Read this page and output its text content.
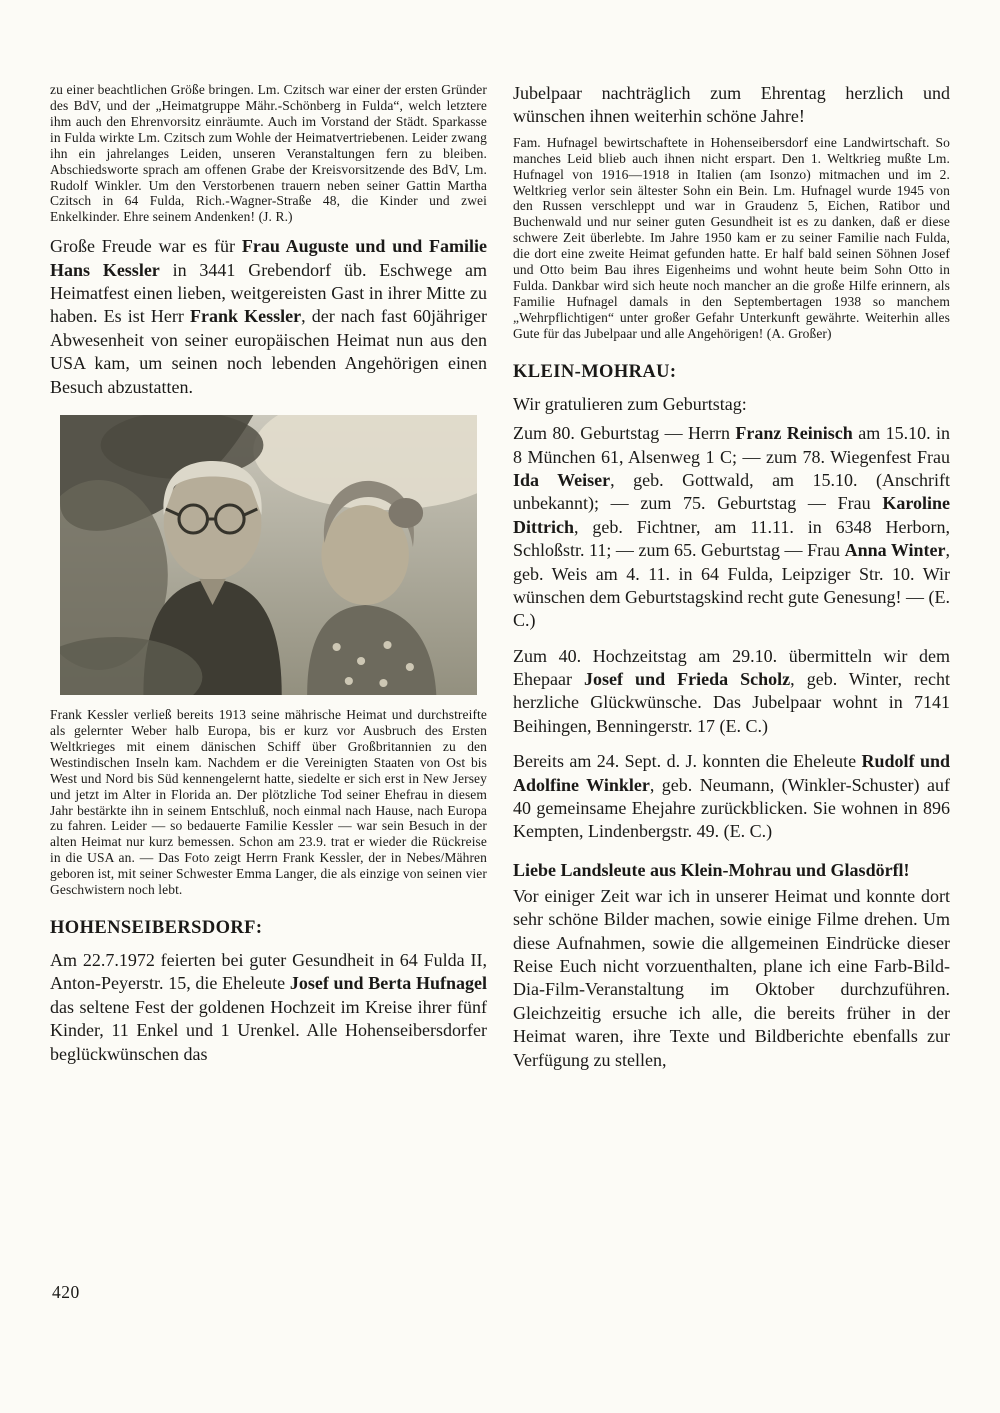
zu einer beachtlichen Größe bringen. Lm. Czitsch war einer der ersten Gründer des BdV, und der „Heimatgruppe Mähr.-Schönberg in Fulda“, welch letztere ihm auch den Ehrenvorsitz einräumte. Auch im Vorstand der Städt. Sparkasse in Fulda wirkte Lm. Czitsch zum Wohle der Heimatvertriebenen. Leider zwang ihn ein jahrelanges Leiden, unseren Veranstaltungen fern zu bleiben. Abschiedsworte sprach am offenen Grabe der Kreisvorsitzende des BdV, Lm. Rudolf Winkler. Um den Verstorbenen trauern neben seiner Gattin Martha Czitsch in 64 Fulda, Rich.-Wagner-Straße 48, die Kinder und zwei Enkelkinder. Ehre seinem Andenken! (J. R.)

Große Freude war es für Frau Auguste und und Familie Hans Kessler in 3441 Grebendorf üb. Eschwege am Heimatfest einen lieben, weitgereisten Gast in ihrer Mitte zu haben. Es ist Herr Frank Kessler, der nach fast 60jähriger Abwesenheit von seiner europäischen Heimat nun aus den USA kam, um seinen noch lebenden Angehörigen einen Besuch abzustatten.

Frank Kessler verließ bereits 1913 seine mährische Heimat und durchstreifte als gelernter Weber halb Europa, bis er kurz vor Ausbruch des Ersten Weltkrieges mit einem dänischen Schiff über Großbritannien zu den Westindischen Inseln kam. Nachdem er die Vereinigten Staaten von Ost bis West und Nord bis Süd kennengelernt hatte, siedelte er sich erst in New Jersey und jetzt im Alter in Florida an. Der plötzliche Tod seiner Ehefrau in diesem Jahr bestärkte ihn in seinem Entschluß, noch einmal nach Hause, nach Europa zu fahren. Leider — so bedauerte Familie Kessler — war sein Besuch in der alten Heimat nur kurz bemessen. Schon am 23.9. trat er wieder die Rückreise in die USA an. — Das Foto zeigt Herrn Frank Kessler, der in Nebes/Mähren geboren ist, mit seiner Schwester Emma Langer, die als einzige von seinen vier Geschwistern noch lebt.

HOHENSEIBERSDORF:

Am 22.7.1972 feierten bei guter Gesundheit in 64 Fulda II, Anton-Peyerstr. 15, die Eheleute Josef und Berta Hufnagel das seltene Fest der goldenen Hochzeit im Kreise ihrer fünf Kinder, 11 Enkel und 1 Urenkel. Alle Hohenseibersdorfer beglückwünschen das

Jubelpaar nachträglich zum Ehrentag herzlich und wünschen ihnen weiterhin schöne Jahre!

Fam. Hufnagel bewirtschaftete in Hohenseibersdorf eine Landwirtschaft. So manches Leid blieb auch ihnen nicht erspart. Den 1. Weltkrieg mußte Lm. Hufnagel von 1916—1918 in Italien (am Isonzo) mitmachen und im 2. Weltkrieg verlor sein ältester Sohn ein Bein. Lm. Hufnagel wurde 1945 von den Russen verschleppt und war in Graudenz 5, Eichen, Ratibor und Buchenwald und nur seiner guten Gesundheit ist es zu danken, daß er diese schwere Zeit überlebte. Im Jahre 1950 kam er zu seiner Familie nach Fulda, die dort eine zweite Heimat gefunden hatte. Er half bald seinen Söhnen Josef und Otto beim Bau ihres Eigenheims und wohnt heute beim Sohn Otto in Fulda. Dankbar wird sich heute noch mancher an die große Hilfe erinnern, als Familie Hufnagel damals in den Septembertagen 1938 so manchem „Wehrpflichtigen“ unter großer Gefahr Unterkunft gewährte. Weiterhin alles Gute für das Jubelpaar und alle Angehörigen! (A. Großer)

KLEIN-MOHRAU:

Wir gratulieren zum Geburtstag:

Zum 80. Geburtstag — Herrn Franz Reinisch am 15.10. in 8 München 61, Alsenweg 1 C; — zum 78. Wiegenfest Frau Ida Weiser, geb. Gottwald, am 15.10. (Anschrift unbekannt); — zum 75. Geburtstag — Frau Karoline Dittrich, geb. Fichtner, am 11.11. in 6348 Herborn, Schloßstr. 11; — zum 65. Geburtstag — Frau Anna Winter, geb. Weis am 4. 11. in 64 Fulda, Leipziger Str. 10. Wir wünschen dem Geburtstagskind recht gute Genesung! — (E. C.)

Zum 40. Hochzeitstag am 29.10. übermitteln wir dem Ehepaar Josef und Frieda Scholz, geb. Winter, recht herzliche Glückwünsche. Das Jubelpaar wohnt in 7141 Beihingen, Benningerstr. 17 (E. C.)

Bereits am 24. Sept. d. J. konnten die Eheleute Rudolf und Adolfine Winkler, geb. Neumann, (Winkler-Schuster) auf 40 gemeinsame Ehejahre zurückblicken. Sie wohnen in 896 Kempten, Lindenbergstr. 49. (E. C.)

Liebe Landsleute aus Klein-Mohrau und Glasdörfl!

Vor einiger Zeit war ich in unserer Heimat und konnte dort sehr schöne Bilder machen, sowie einige Filme drehen. Um diese Aufnahmen, sowie die allgemeinen Eindrücke dieser Reise Euch nicht vorzuenthalten, plane ich eine Farb-Bild-Dia-Film-Veranstaltung im Oktober durchzuführen. Gleichzeitig ersuche ich alle, die bereits früher in der Heimat waren, ihre Texte und Bildberichte ebenfalls zur Verfügung zu stellen,

420
